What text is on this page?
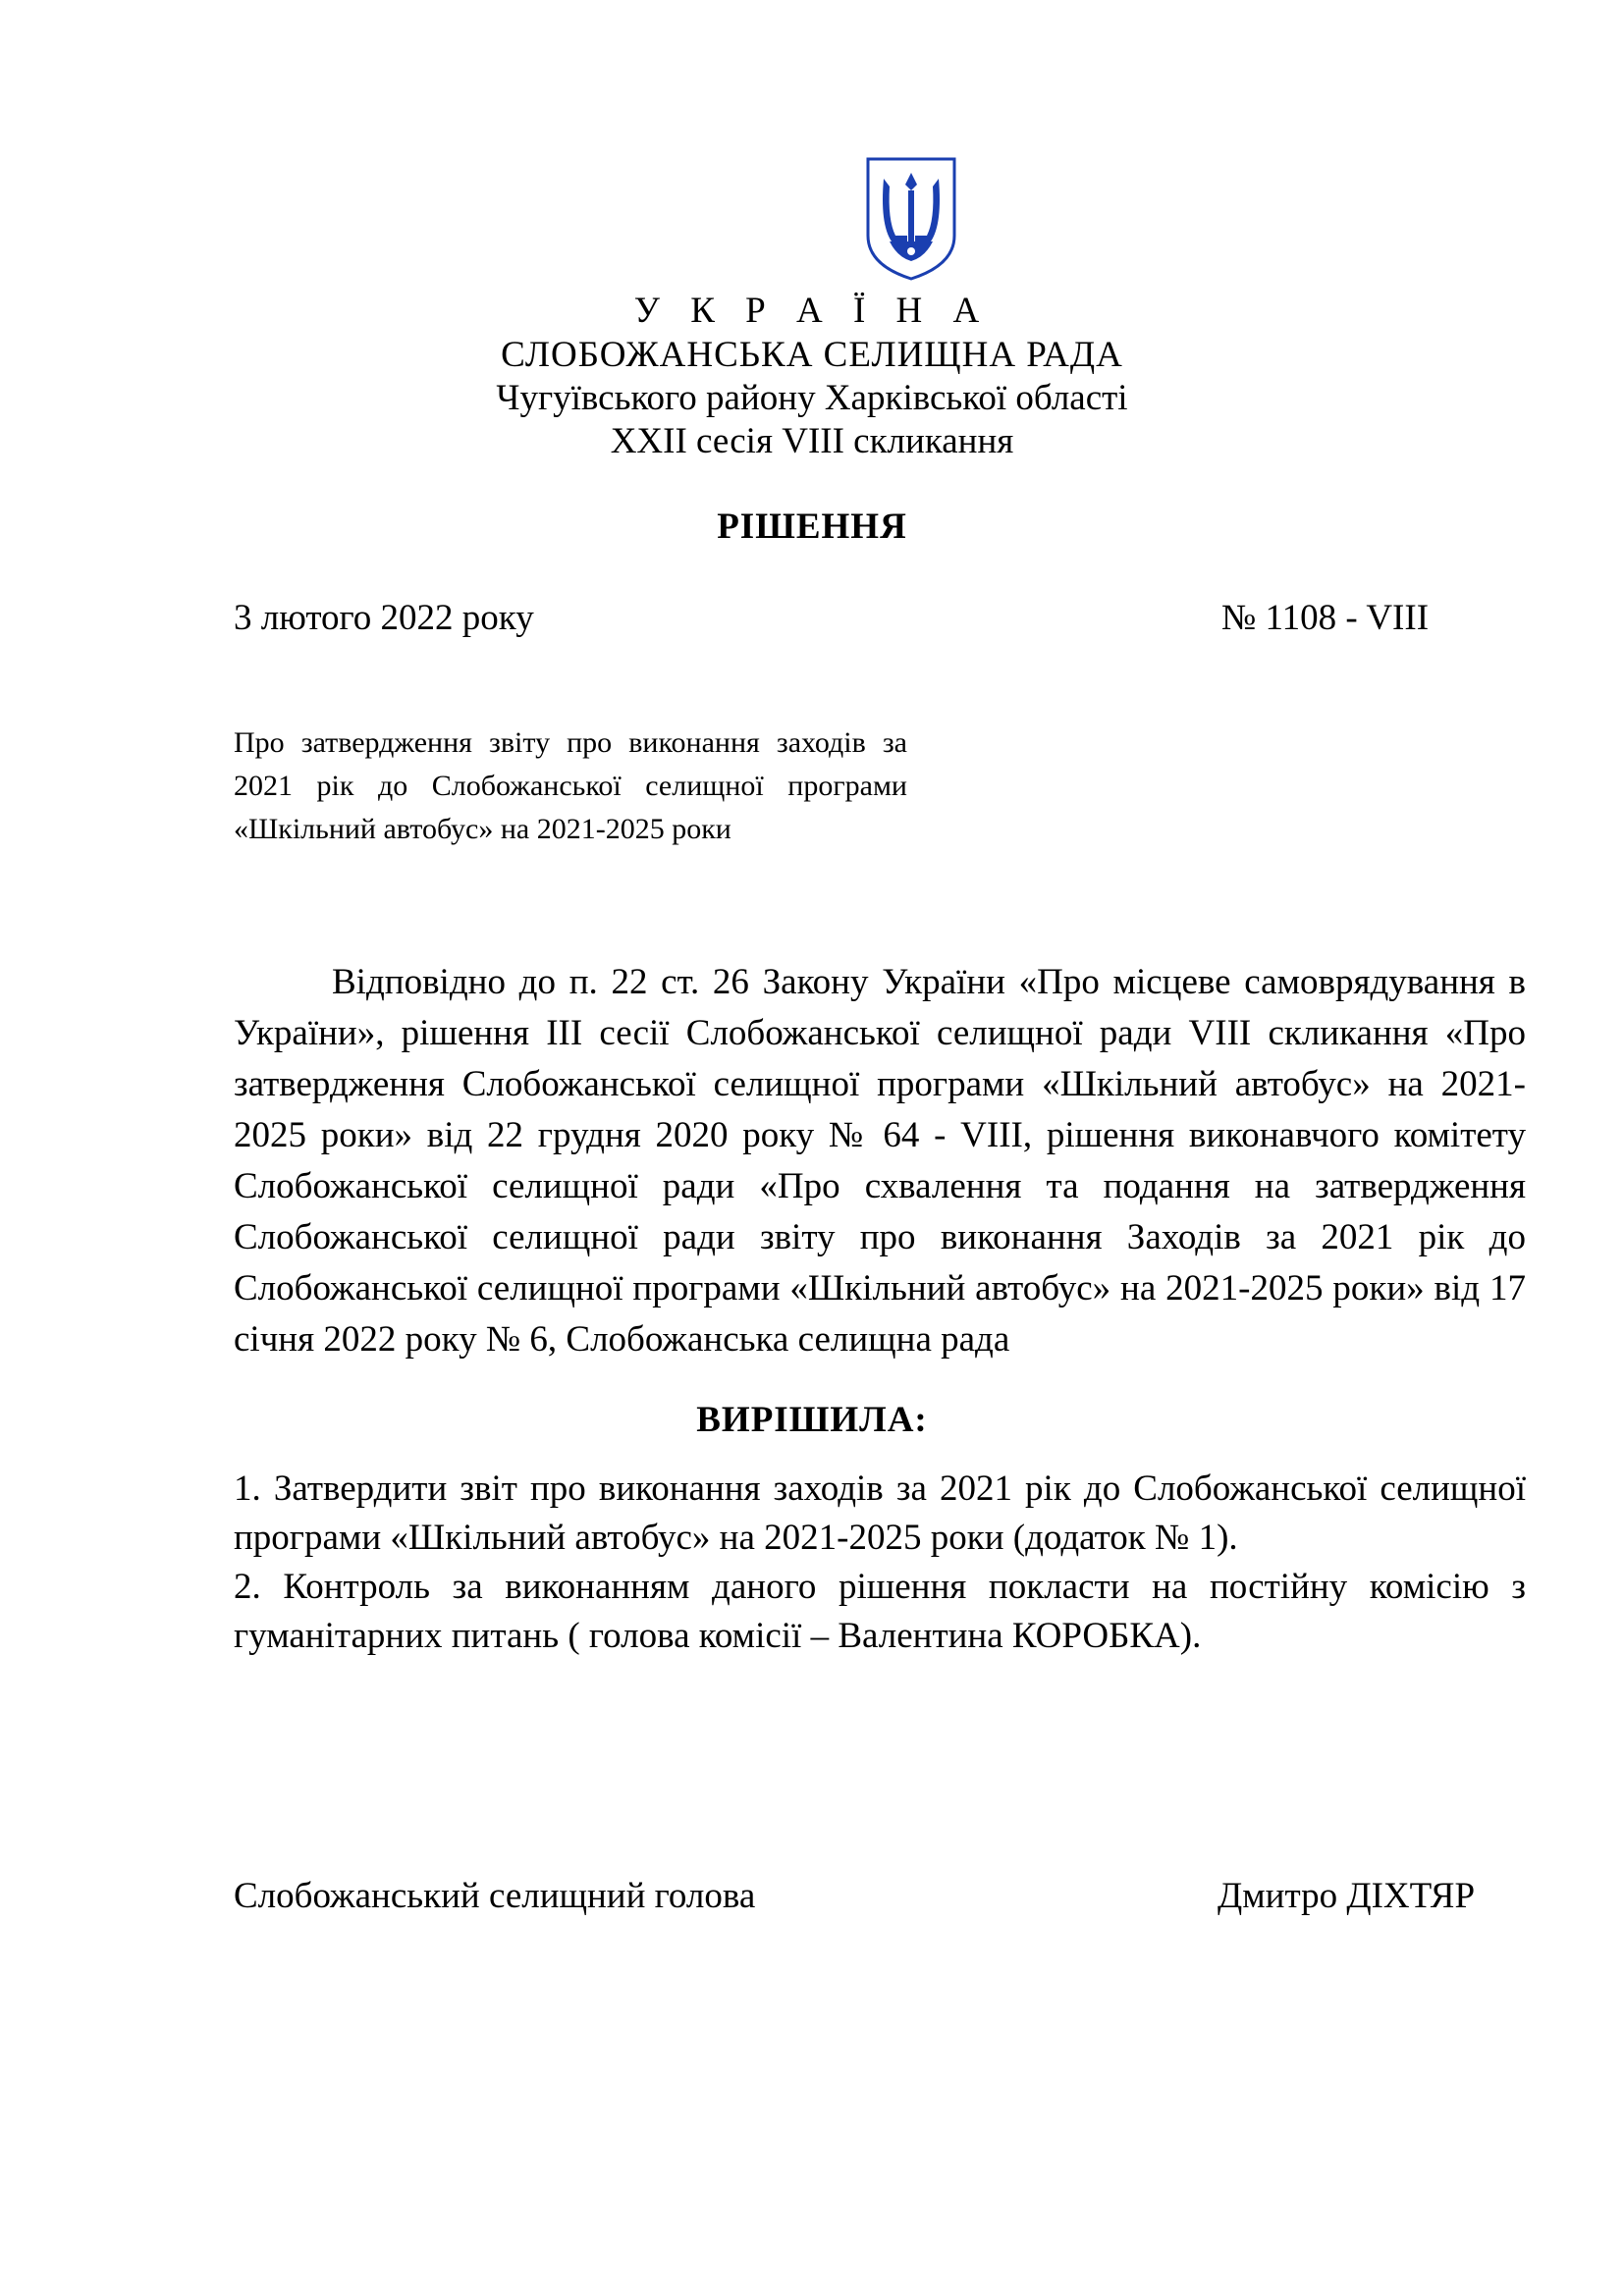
У К Р А Ї Н А
СЛОБОЖАНСЬКА СЕЛИЩНА РАДА
Чугуївського району Харківської області
XXII сесія VIII скликання
РІШЕННЯ
3 лютого 2022 року	№ 1108 - VIII
Про затвердження звіту про виконання заходів за 2021 рік до Слобожанської селищної програми «Шкільний автобус» на 2021-2025 роки
Відповідно до п. 22 ст. 26 Закону України «Про місцеве самоврядування в України», рішення ІІІ сесії Слобожанської селищної ради VIII скликання «Про затвердження Слобожанської селищної програми «Шкільний автобус» на 2021-2025 роки» від 22 грудня 2020 року № 64 - VIII, рішення виконавчого комітету Слобожанської селищної ради «Про схвалення та подання на затвердження Слобожанської селищної ради звіту про виконання Заходів за 2021 рік до Слобожанської селищної програми «Шкільний автобус» на 2021-2025 роки» від 17 січня 2022 року № 6, Слобожанська селищна рада
ВИРІШИЛА:

1. Затвердити звіт про виконання заходів за 2021 рік до Слобожанської селищної програми «Шкільний автобус» на 2021-2025 роки (додаток № 1).

2. Контроль за виконанням даного рішення покласти на постійну комісію з гуманітарних питань ( голова комісії – Валентина КОРОБКА).

Слобожанський селищний голова	Дмитро ДІХТЯР
